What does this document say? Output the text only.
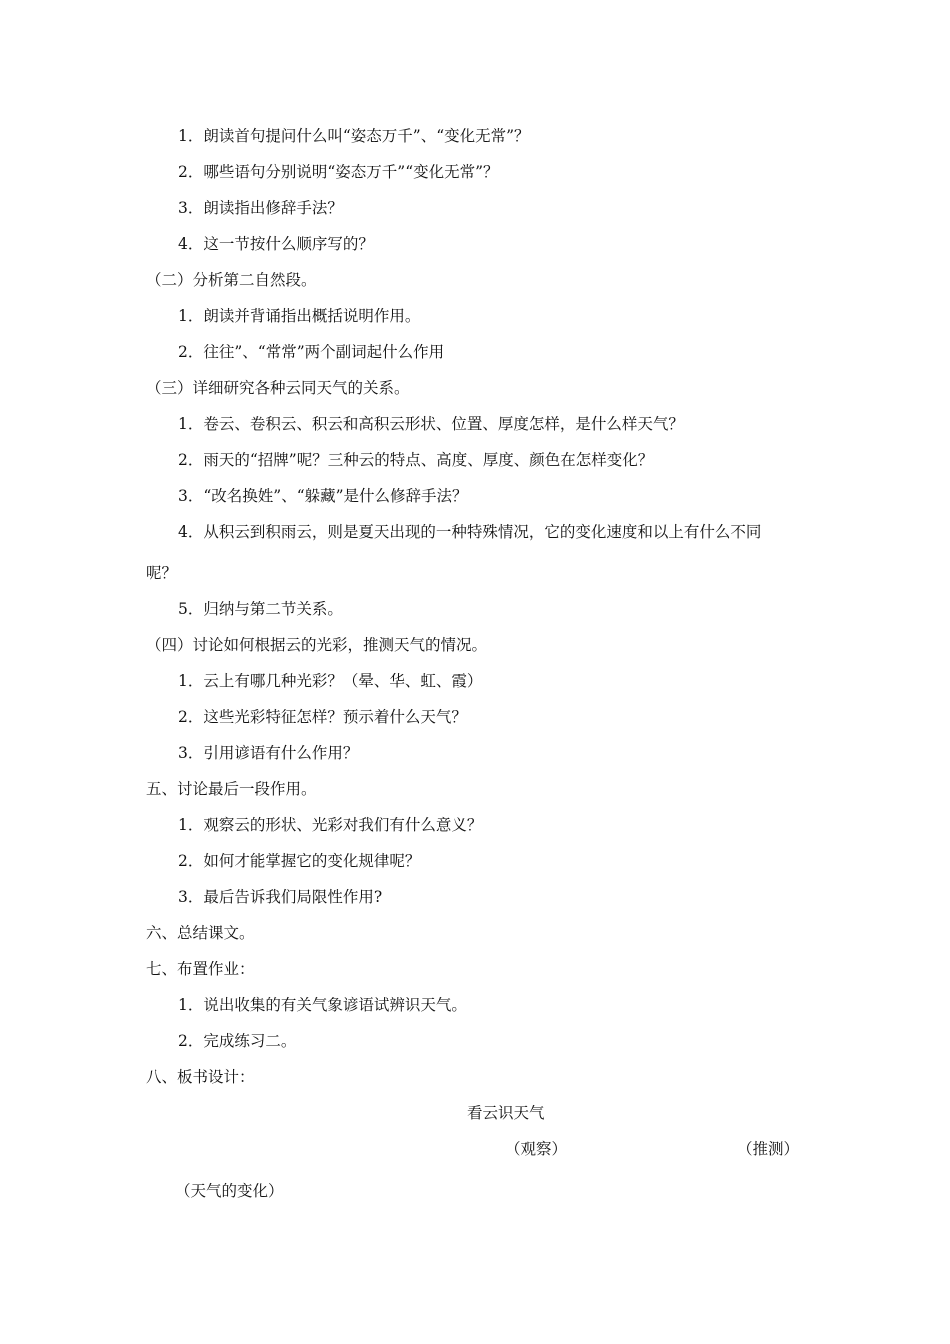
1．朗读首句提问什么叫“姿态万千”、“变化无常”？
2．哪些语句分别说明“姿态万千”“变化无常”？
3．朗读指出修辞手法？
4．这一节按什么顺序写的？
（二）分析第二自然段。
1．朗读并背诵指出概括说明作用。
2．往往”、“常常”两个副词起什么作用
（三）详细研究各种云同天气的关系。
1．卷云、卷积云、积云和高积云形状、位置、厚度怎样，是什么样天气？
2．雨天的“招牌”呢？三种云的特点、高度、厚度、颜色在怎样变化？
3．“改名换姓”、“躲藏”是什么修辞手法？
4．从积云到积雨云，则是夏天出现的一种特殊情况，它的变化速度和以上有什么不同
呢？
5．归纳与第二节关系。
（四）讨论如何根据云的光彩，推测天气的情况。
1．云上有哪几种光彩？（晕、华、虹、霞）
2．这些光彩特征怎样？预示着什么天气？
3．引用谚语有什么作用？
五、讨论最后一段作用。
1．观察云的形状、光彩对我们有什么意义？
2．如何才能掌握它的变化规律呢？
3．最后告诉我们局限性作用?
六、总结课文。
七、布置作业：
1．说出收集的有关气象谚语试辨识天气。
2．完成练习二。
八、板书设计：
看云识天气
（观察）	（推测）
（天气的变化）
